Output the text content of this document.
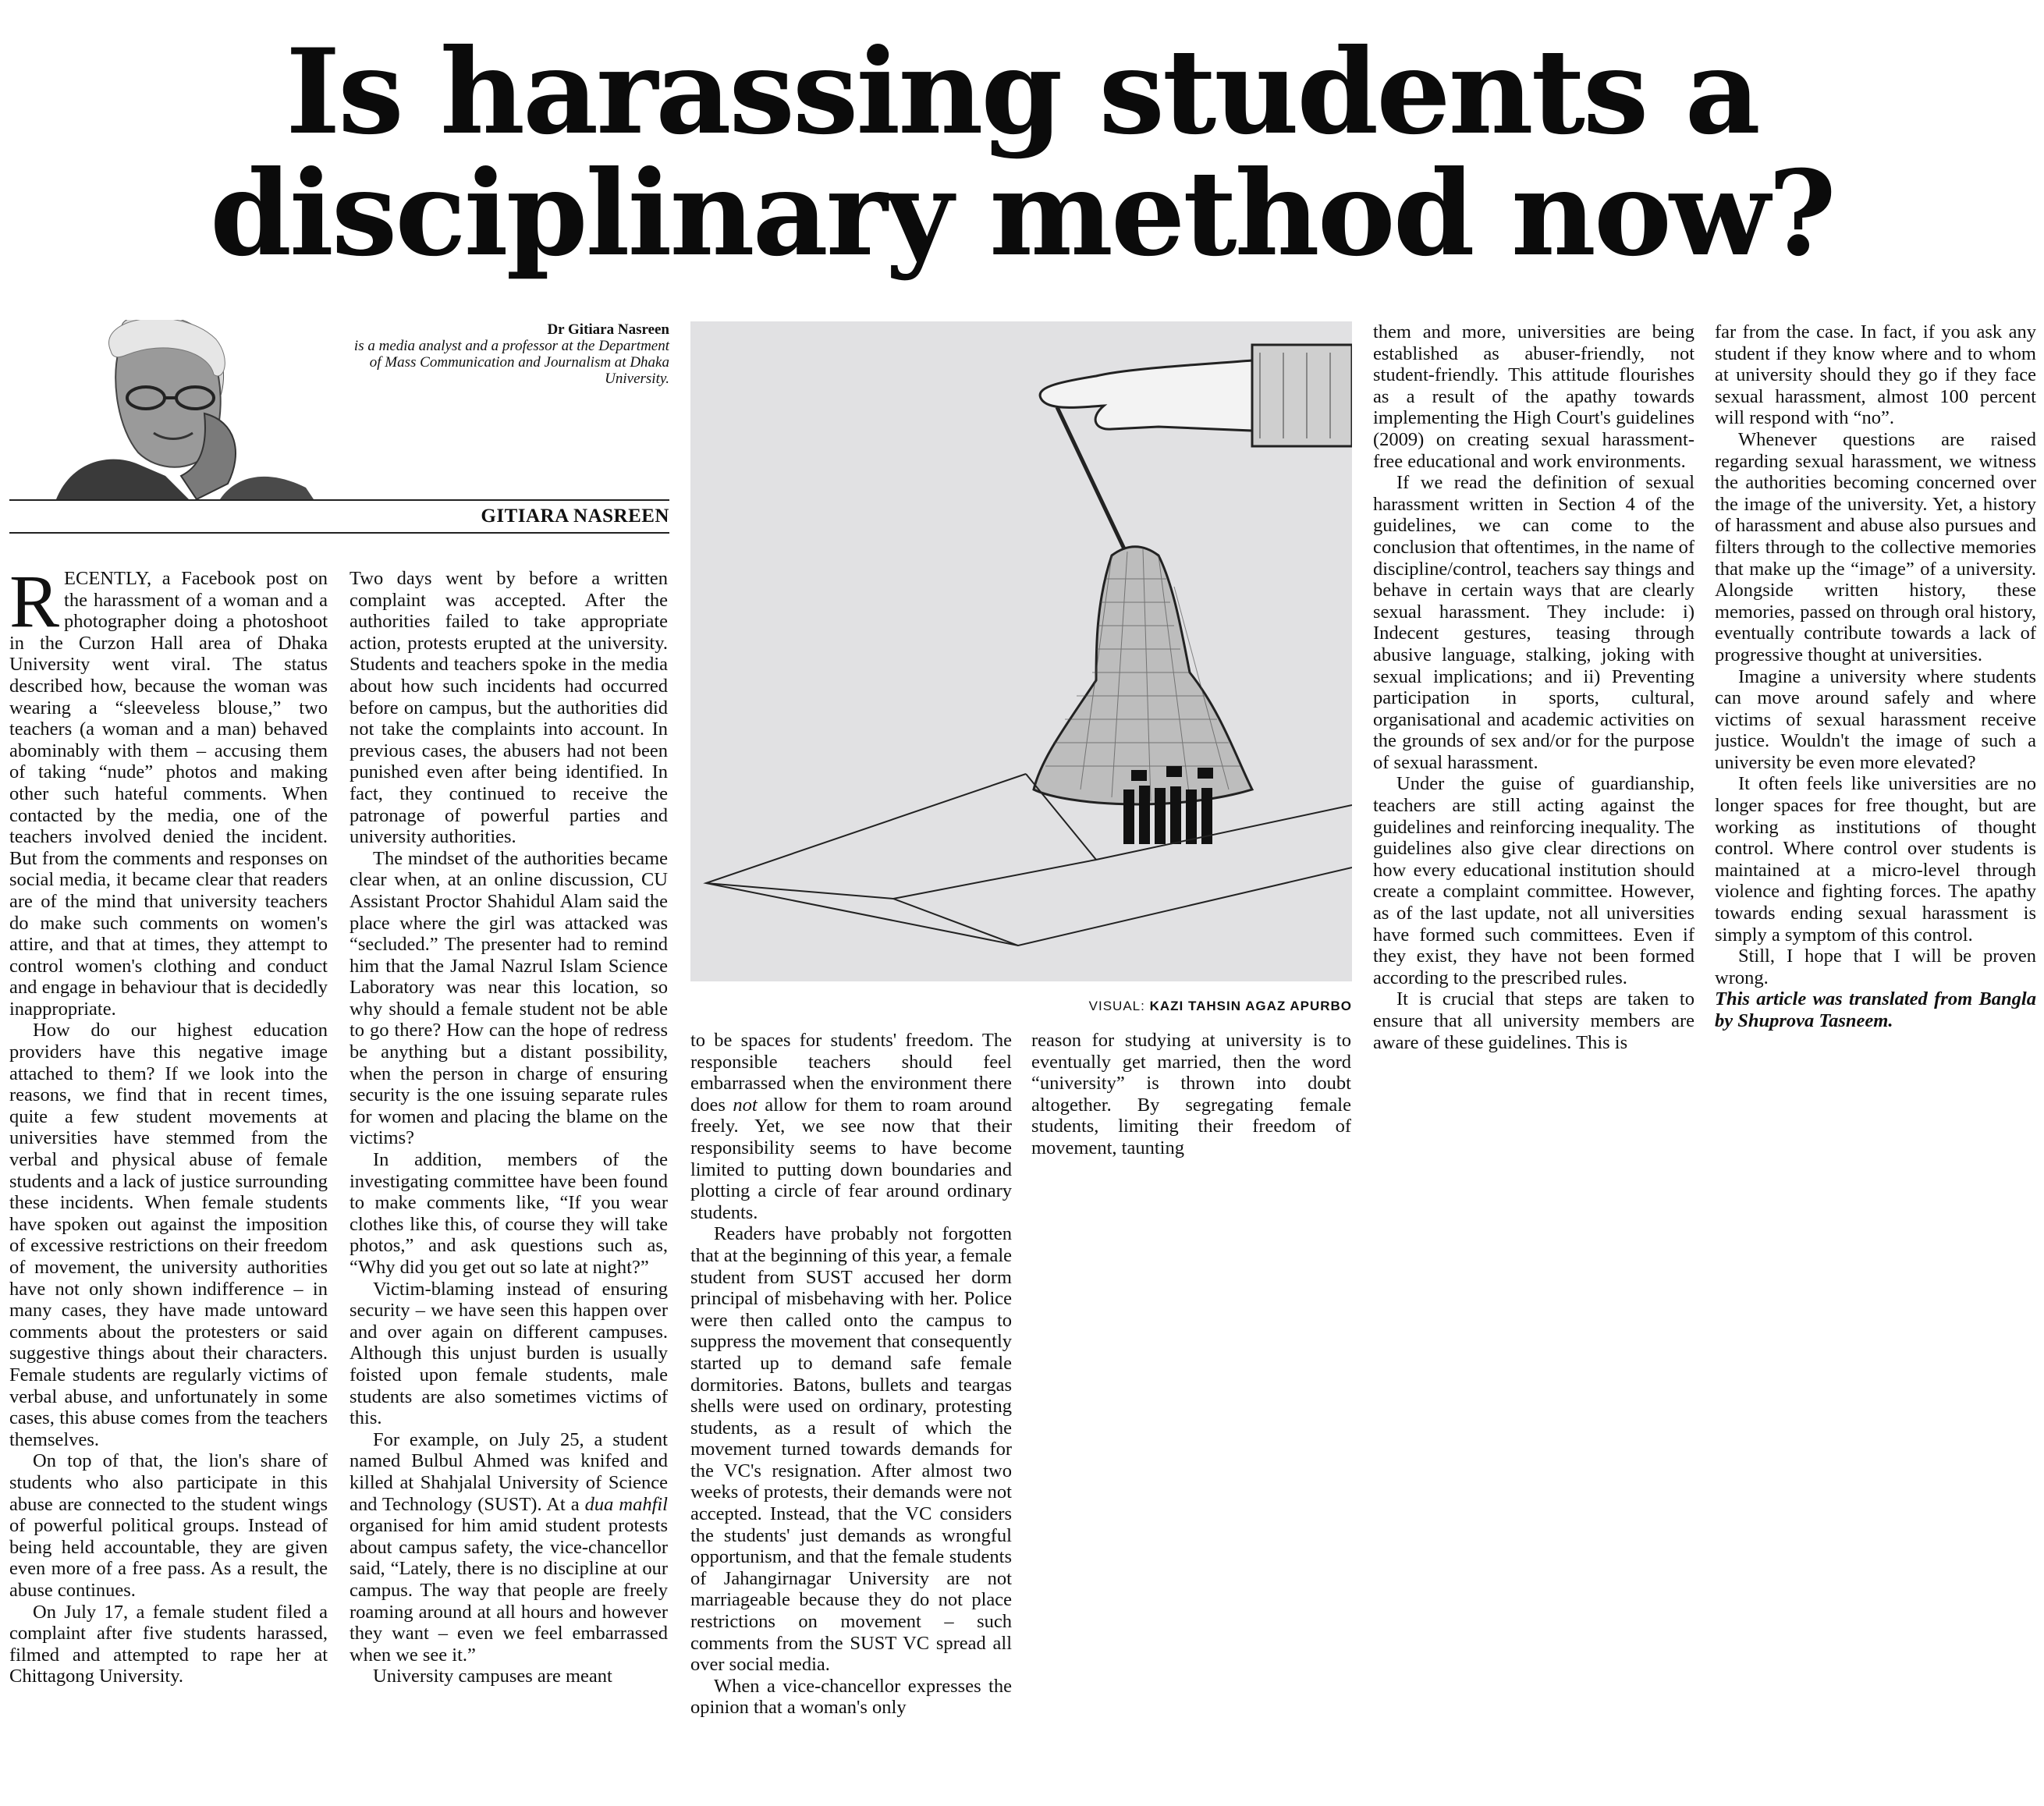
Is harassing students a disciplinary method now?
Dr Gitiara Nasreen
is a media analyst and a professor at the Department of Mass Communication and Journalism at Dhaka University.
GITIARA NASREEN
VISUAL: KAZI TAHSIN AGAZ APURBO

RECENTLY, a Facebook post on the harassment of a woman and a photographer doing a photoshoot in the Curzon Hall area of Dhaka University went viral. The status described how, because the woman was wearing a “sleeveless blouse,” two teachers (a woman and a man) behaved abominably with them – accusing them of taking “nude” photos and making other such hateful comments. When contacted by the media, one of the teachers involved denied the incident. But from the comments and responses on social media, it became clear that readers are of the mind that university teachers do make such comments on women's attire, and that at times, they attempt to control women's clothing and conduct and engage in behaviour that is decidedly inappropriate.

How do our highest education providers have this negative image attached to them? If we look into the reasons, we find that in recent times, quite a few student movements at universities have stemmed from the verbal and physical abuse of female students and a lack of justice surrounding these incidents. When female students have spoken out against the imposition of excessive restrictions on their freedom of movement, the university authorities have not only shown indifference – in many cases, they have made untoward comments about the protesters or said suggestive things about their characters. Female students are regularly victims of verbal abuse, and unfortunately in some cases, this abuse comes from the teachers themselves.

On top of that, the lion's share of students who also participate in this abuse are connected to the student wings of powerful political groups. Instead of being held accountable, they are given even more of a free pass. As a result, the abuse continues.

On July 17, a female student filed a complaint after five students harassed, filmed and attempted to rape her at Chittagong University.

Two days went by before a written complaint was accepted. After the authorities failed to take appropriate action, protests erupted at the university. Students and teachers spoke in the media about how such incidents had occurred before on campus, but the authorities did not take the complaints into account. In previous cases, the abusers had not been punished even after being identified. In fact, they continued to receive the patronage of powerful parties and university authorities.

The mindset of the authorities became clear when, at an online discussion, CU Assistant Proctor Shahidul Alam said the place where the girl was attacked was “secluded.” The presenter had to remind him that the Jamal Nazrul Islam Science Laboratory was near this location, so why should a female student not be able to go there? How can the hope of redress be anything but a distant possibility, when the person in charge of ensuring security is the one issuing separate rules for women and placing the blame on the victims?

In addition, members of the investigating committee have been found to make comments like, “If you wear clothes like this, of course they will take photos,” and ask questions such as, “Why did you get out so late at night?”

Victim-blaming instead of ensuring security – we have seen this happen over and over again on different campuses. Although this unjust burden is usually foisted upon female students, male students are also sometimes victims of this.

For example, on July 25, a student named Bulbul Ahmed was knifed and killed at Shahjalal University of Science and Technology (SUST). At a dua mahfil organised for him amid student protests about campus safety, the vice-chancellor said, “Lately, there is no discipline at our campus. The way that people are freely roaming around at all hours and however they want – even we feel embarrassed when we see it.”

University campuses are meant

to be spaces for students' freedom. The responsible teachers should feel embarrassed when the environment there does not allow for them to roam around freely. Yet, we see now that their responsibility seems to have become limited to putting down boundaries and plotting a circle of fear around ordinary students.

Readers have probably not forgotten that at the beginning of this year, a female student from SUST accused her dorm principal of misbehaving with her. Police were then called onto the campus to suppress the movement that consequently started up to demand safe female dormitories. Batons, bullets and teargas shells were used on ordinary, protesting students, as a result of which the movement turned towards demands for the VC's resignation. After almost two weeks of protests, their demands were not accepted. Instead, that the VC considers the students' just demands as wrongful opportunism, and that the female students of Jahangirnagar University are not marriageable because they do not place restrictions on movement – such comments from the SUST VC spread all over social media.

When a vice-chancellor expresses the opinion that a woman's only

reason for studying at university is to eventually get married, then the word “university” is thrown into doubt altogether. By segregating female students, limiting their freedom of movement, taunting

them and more, universities are being established as abuser-friendly, not student-friendly. This attitude flourishes as a result of the apathy towards implementing the High Court's guidelines (2009) on creating sexual harassment-free educational and work environments.

If we read the definition of sexual harassment written in Section 4 of the guidelines, we can come to the conclusion that oftentimes, in the name of discipline/control, teachers say things and behave in certain ways that are clearly sexual harassment. They include: i) Indecent gestures, teasing through abusive language, stalking, joking with sexual implications; and ii) Preventing participation in sports, cultural, organisational and academic activities on the grounds of sex and/or for the purpose of sexual harassment.

Under the guise of guardianship, teachers are still acting against the guidelines and reinforcing inequality. The guidelines also give clear directions on how every educational institution should create a complaint committee. However, as of the last update, not all universities have formed such committees. Even if they exist, they have not been formed according to the prescribed rules.

It is crucial that steps are taken to ensure that all university members are aware of these guidelines. This is

far from the case. In fact, if you ask any student if they know where and to whom at university should they go if they face sexual harassment, almost 100 percent will respond with “no”.

Whenever questions are raised regarding sexual harassment, we witness the authorities becoming concerned over the image of the university. Yet, a history of harassment and abuse also pursues and filters through to the collective memories that make up the “image” of a university. Alongside written history, these memories, passed on through oral history, eventually contribute towards a lack of progressive thought at universities.

Imagine a university where students can move around safely and where victims of sexual harassment receive justice. Wouldn't the image of such a university be even more elevated?

It often feels like universities are no longer spaces for free thought, but are working as institutions of thought control. Where control over students is maintained at a micro-level through violence and fighting forces. The apathy towards ending sexual harassment is simply a symptom of this control.

Still, I hope that I will be proven wrong.

This article was translated from Bangla by Shuprova Tasneem.
